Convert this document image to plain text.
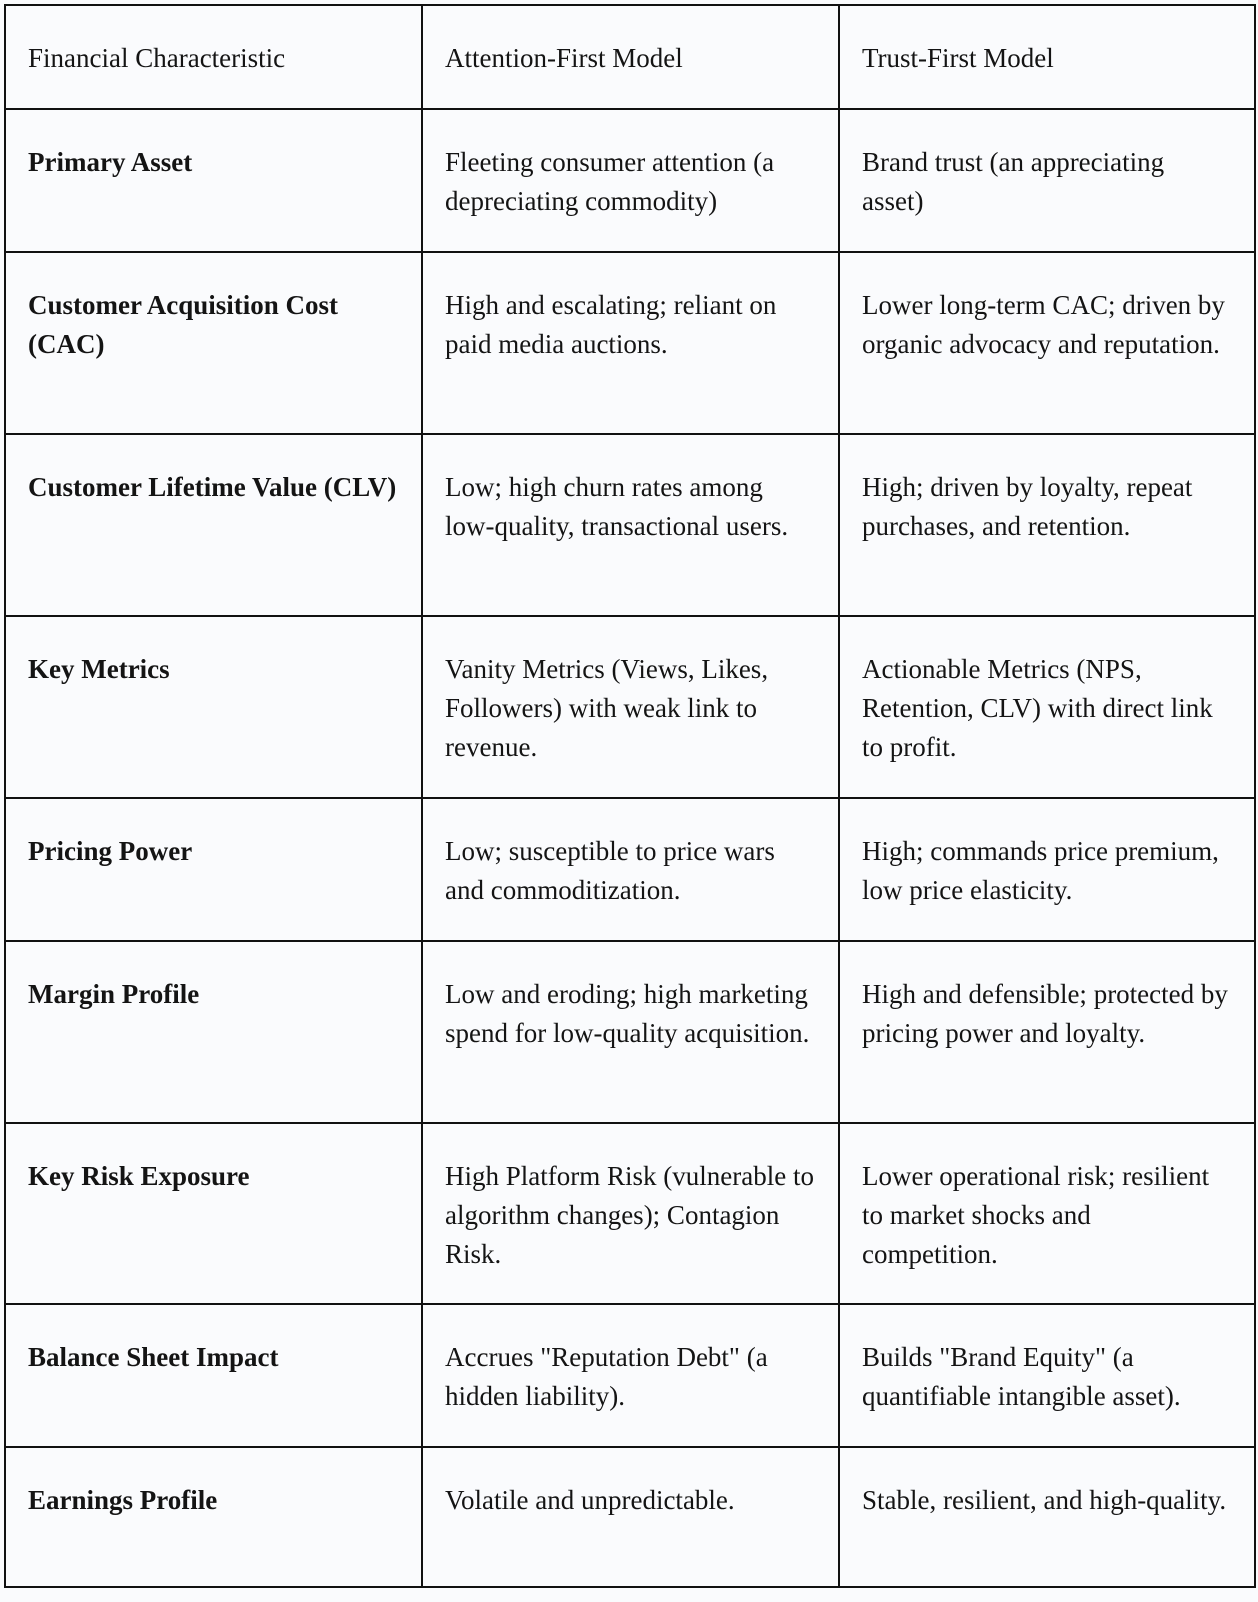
Financial Characteristic	Attention-First Model	Trust-First Model
Primary Asset	Fleeting consumer attention (a depreciating commodity)	Brand trust (an appreciating asset)
Customer Acquisition Cost (CAC)	High and escalating; reliant on paid media auctions.	Lower long-term CAC; driven by organic advocacy and reputation.
Customer Lifetime Value (CLV)	Low; high churn rates among low-quality, transactional users.	High; driven by loyalty, repeat purchases, and retention.
Key Metrics	Vanity Metrics (Views, Likes, Followers) with weak link to revenue.	Actionable Metrics (NPS, Retention, CLV) with direct link to profit.
Pricing Power	Low; susceptible to price wars and commoditization.	High; commands price premium, low price elasticity.
Margin Profile	Low and eroding; high marketing spend for low-quality acquisition.	High and defensible; protected by pricing power and loyalty.
Key Risk Exposure	High Platform Risk (vulnerable to algorithm changes); Contagion Risk.	Lower operational risk; resilient to market shocks and competition.
Balance Sheet Impact	Accrues "Reputation Debt" (a hidden liability).	Builds "Brand Equity" (a quantifiable intangible asset).
Earnings Profile	Volatile and unpredictable.	Stable, resilient, and high-quality.
